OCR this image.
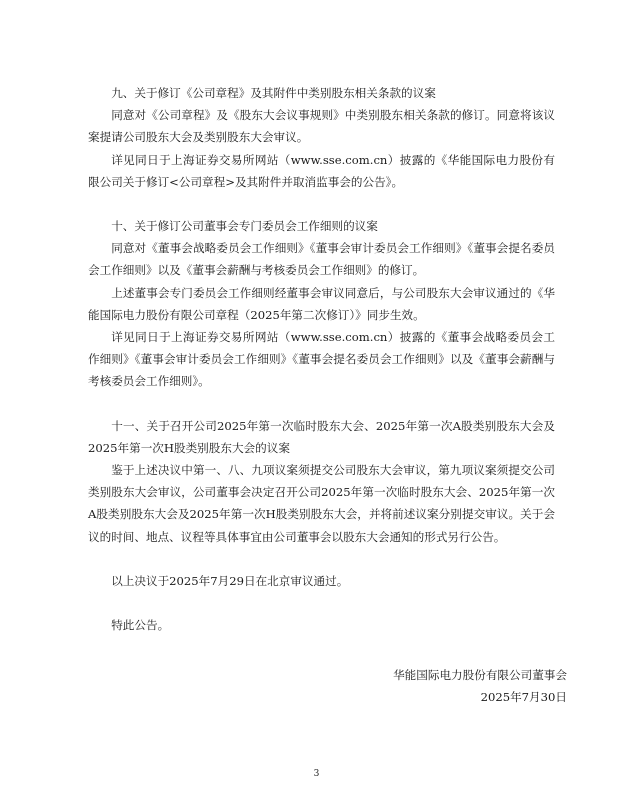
九、关于修订《公司章程》及其附件中类别股东相关条款的议案

同意对《公司章程》及《股东大会议事规则》中类别股东相关条款的修订。同意将该议案提请公司股东大会及类别股东大会审议。

详见同日于上海证券交易所网站（www.sse.com.cn）披露的《华能国际电力股份有限公司关于修订<公司章程>及其附件并取消监事会的公告》。

十、关于修订公司董事会专门委员会工作细则的议案

同意对《董事会战略委员会工作细则》《董事会审计委员会工作细则》《董事会提名委员会工作细则》以及《董事会薪酬与考核委员会工作细则》的修订。

上述董事会专门委员会工作细则经董事会审议同意后，与公司股东大会审议通过的《华能国际电力股份有限公司章程（2025年第二次修订）》同步生效。

详见同日于上海证券交易所网站（www.sse.com.cn）披露的《董事会战略委员会工作细则》《董事会审计委员会工作细则》《董事会提名委员会工作细则》以及《董事会薪酬与考核委员会工作细则》。

十一、关于召开公司2025年第一次临时股东大会、2025年第一次A股类别股东大会及2025年第一次H股类别股东大会的议案

鉴于上述决议中第一、八、九项议案须提交公司股东大会审议，第九项议案须提交公司类别股东大会审议，公司董事会决定召开公司2025年第一次临时股东大会、2025年第一次A股类别股东大会及2025年第一次H股类别股东大会，并将前述议案分别提交审议。关于会议的时间、地点、议程等具体事宜由公司董事会以股东大会通知的形式另行公告。

以上决议于2025年7月29日在北京审议通过。

特此公告。

华能国际电力股份有限公司董事会
2025年7月30日
3
